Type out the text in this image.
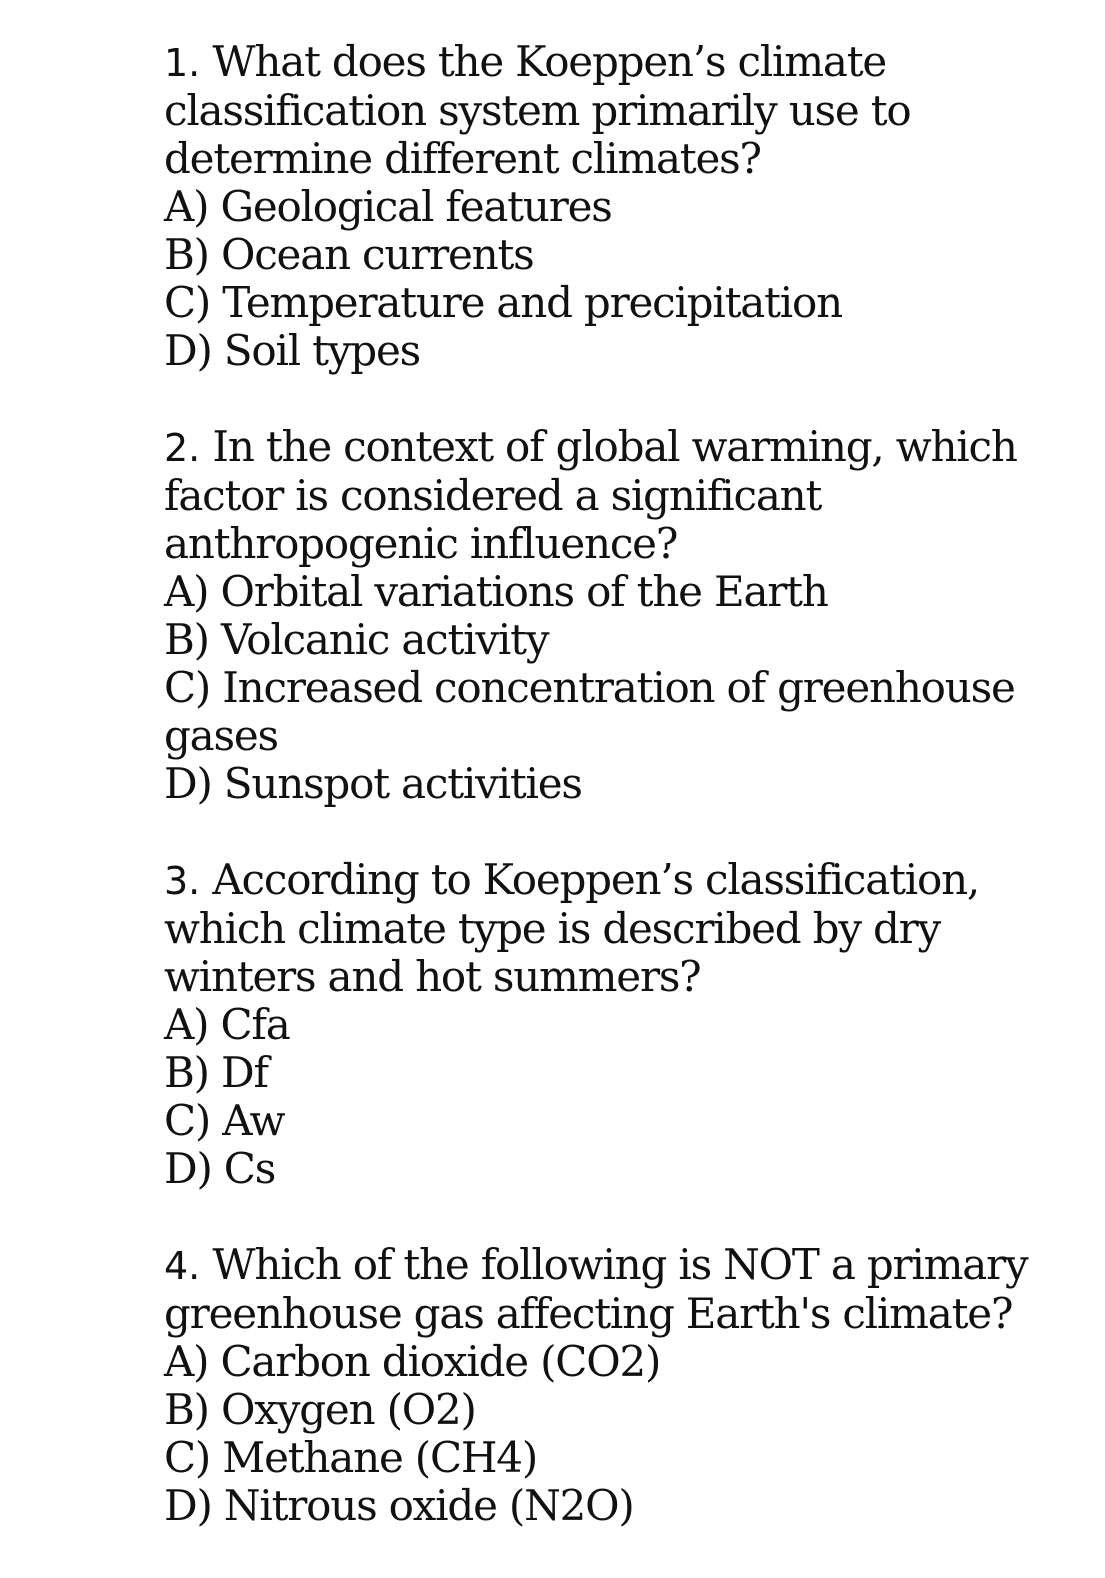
1. What does the Koeppen’s climate
classification system primarily use to
determine different climates?
A) Geological features
B) Ocean currents
C) Temperature and precipitation
D) Soil types
2. In the context of global warming, which
factor is considered a significant
anthropogenic influence?
A) Orbital variations of the Earth
B) Volcanic activity
C) Increased concentration of greenhouse
gases
D) Sunspot activities
3. According to Koeppen’s classification,
which climate type is described by dry
winters and hot summers?
A) Cfa
B) Df
C) Aw
D) Cs
4. Which of the following is NOT a primary
greenhouse gas affecting Earth's climate?
A) Carbon dioxide (CO2)
B) Oxygen (O2)
C) Methane (CH4)
D) Nitrous oxide (N2O)
